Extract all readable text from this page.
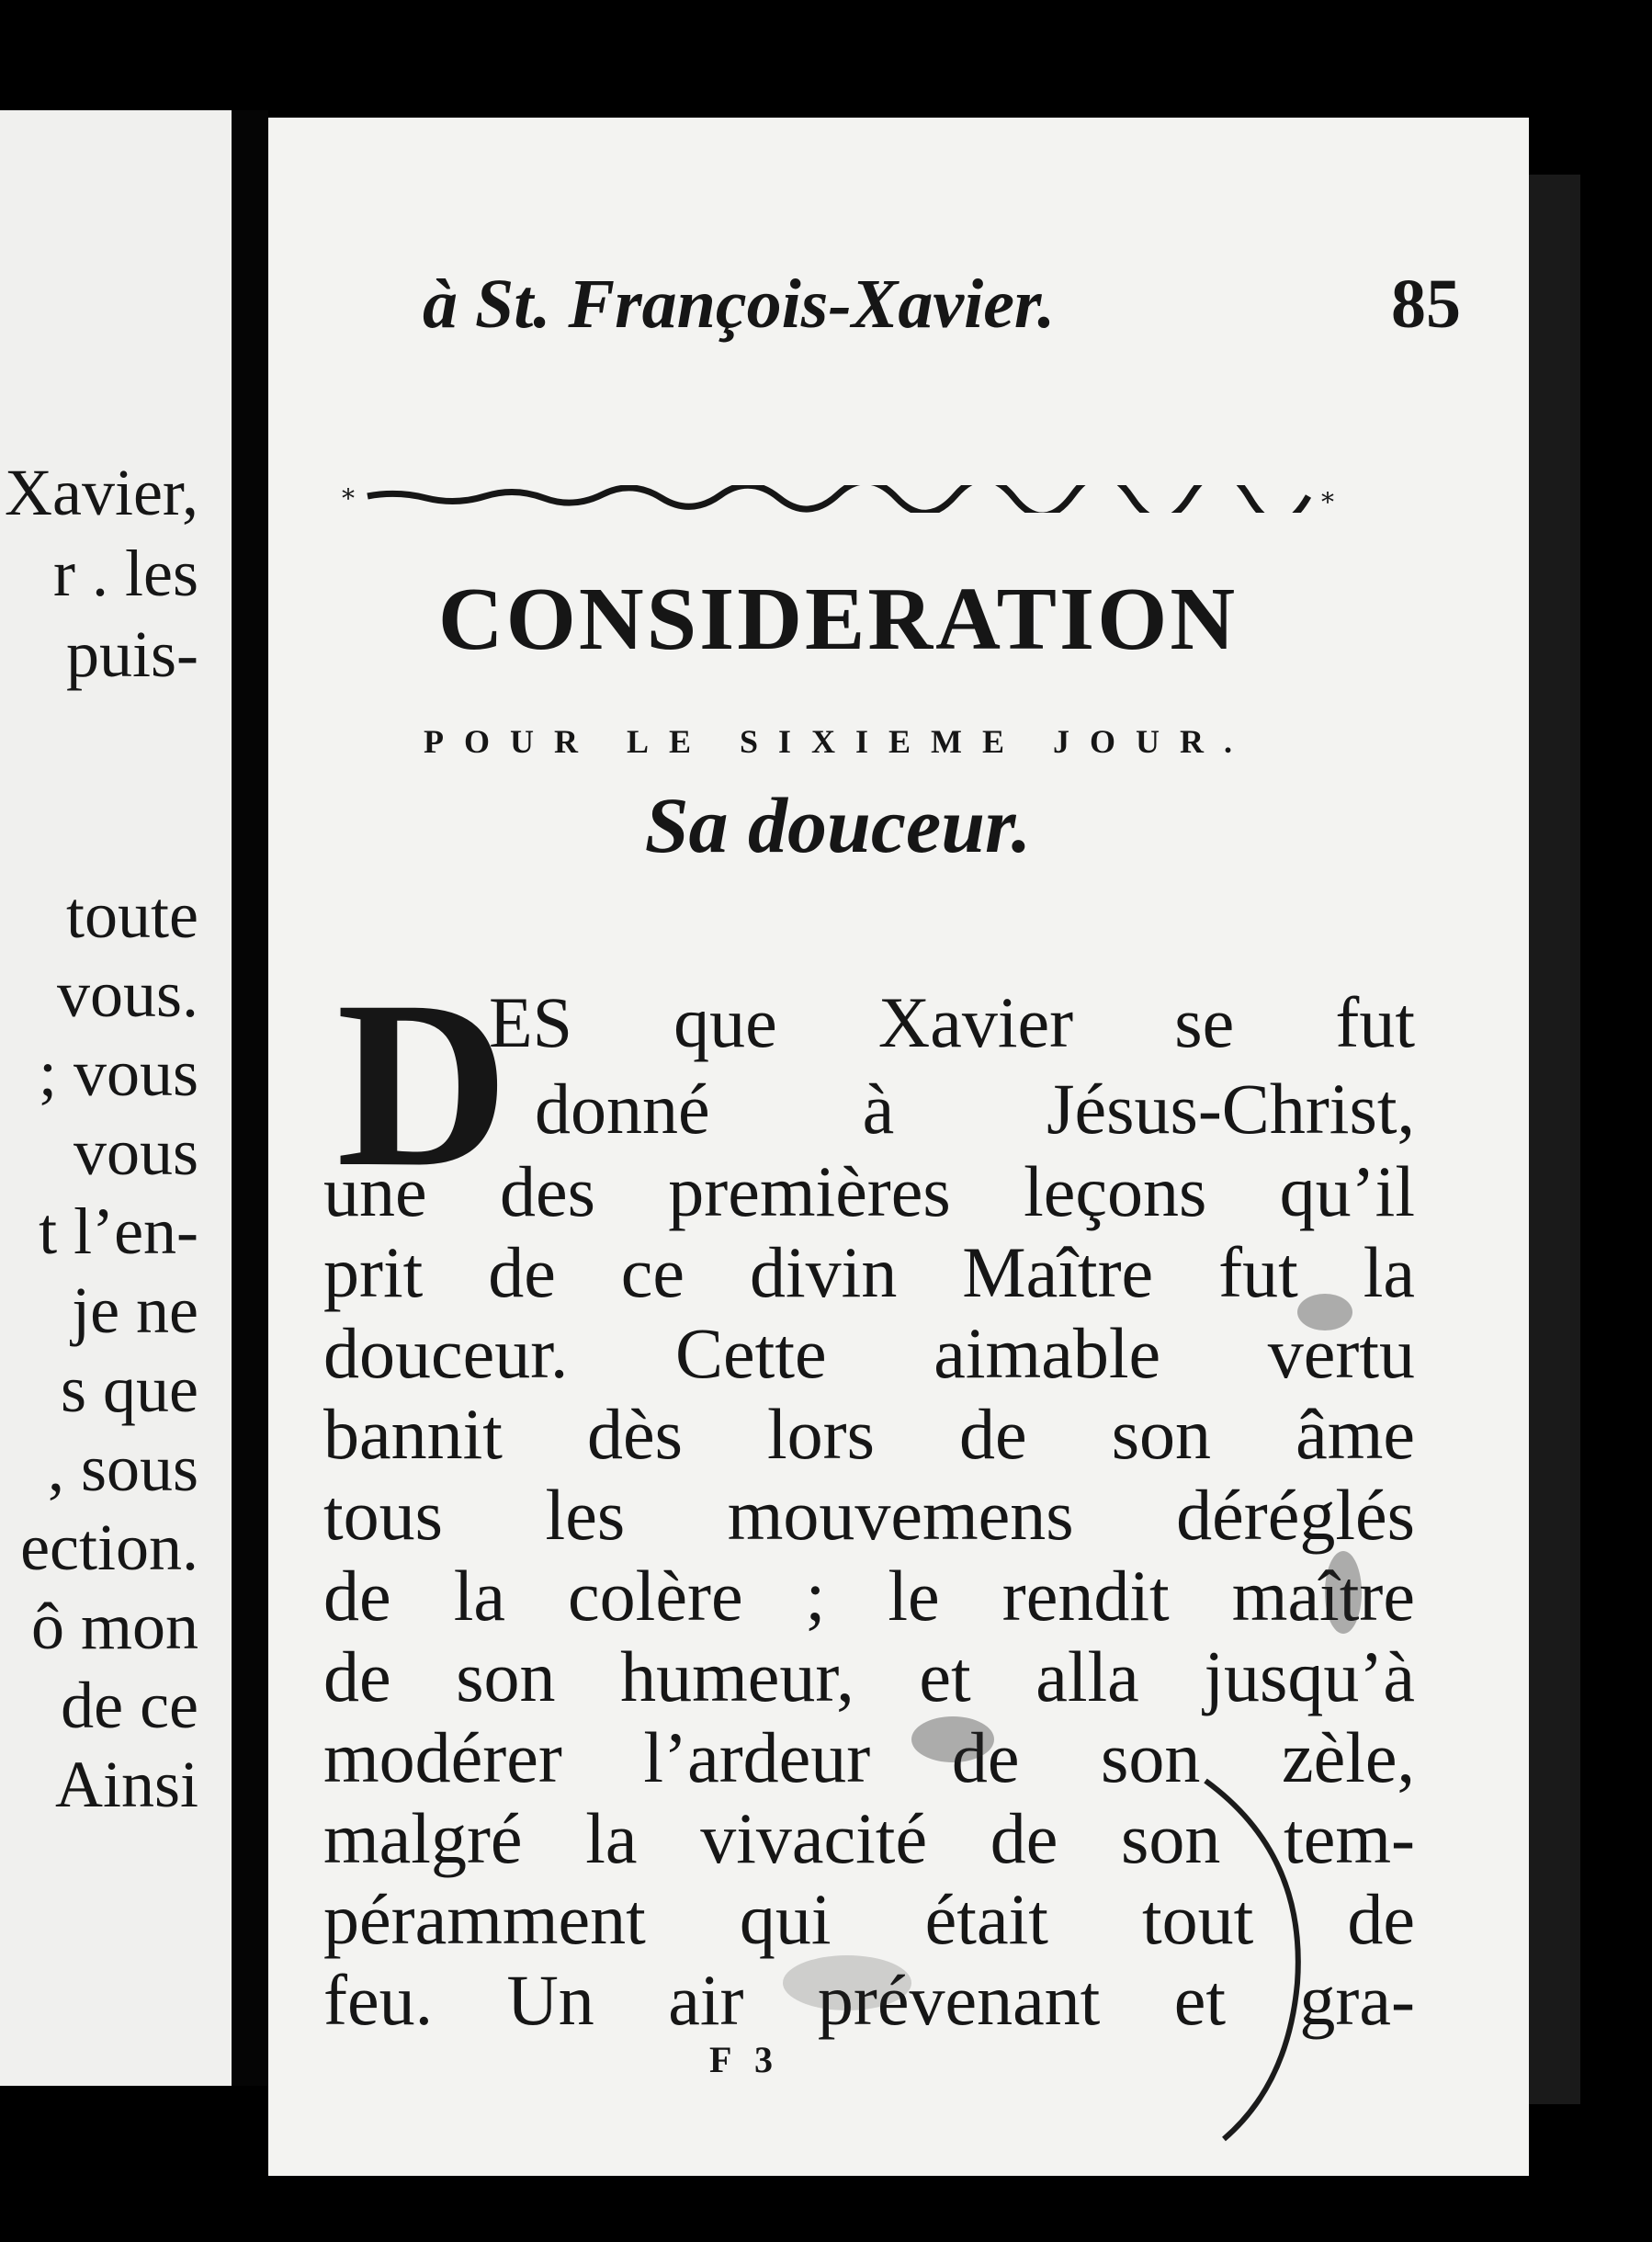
Xavier,
r . les
puis-
toute
vous.
; vous
vous
t l’en-
je ne
s que
, sous
ection.
ô mon
de ce
Ainsi
à St. François-Xavier.	85
*	*
CONSIDERATION
POUR LE SIXIEME JOUR.
Sa douceur.
D
ES que Xavier se fut
donné à Jésus-Christ,
une des premières leçons qu’il
prit de ce divin Maître fut la
douceur. Cette aimable vertu
bannit dès lors de son âme
tous les mouvemens déréglés
de la colère ; le rendit maître
de son humeur, et alla jusqu’à
modérer l’ardeur de son zèle,
malgré la vivacité de son tem-
péramment qui était tout de
feu. Un air prévenant et gra-
F 3
